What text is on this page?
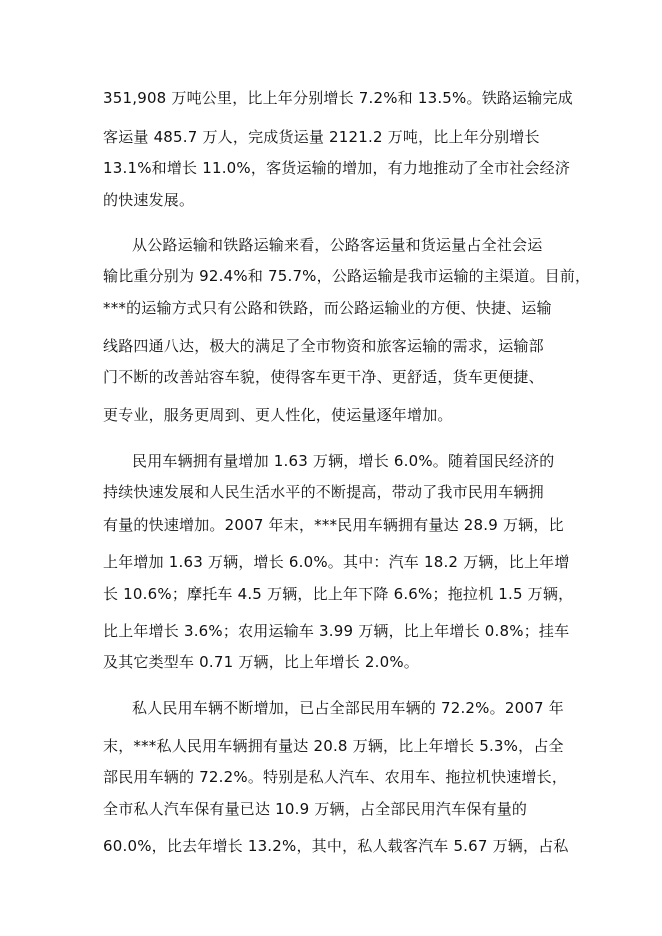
351,908 万吨公里，比上年分别增长 7.2%和 13.5%。铁路运输完成
客运量 485.7 万人，完成货运量 2121.2 万吨，比上年分别增长
13.1%和增长 11.0%，客货运输的增加，有力地推动了全市社会经济
的快速发展。
从公路运输和铁路运输来看，公路客运量和货运量占全社会运
输比重分别为 92.4%和 75.7%，公路运输是我市运输的主渠道。目前，
***的运输方式只有公路和铁路，而公路运输业的方便、快捷、运输
线路四通八达，极大的满足了全市物资和旅客运输的需求，运输部
门不断的改善站容车貌，使得客车更干净、更舒适，货车更便捷、
更专业，服务更周到、更人性化，使运量逐年增加。
民用车辆拥有量增加 1.63 万辆，增长 6.0%。随着国民经济的
持续快速发展和人民生活水平的不断提高，带动了我市民用车辆拥
有量的快速增加。2007 年末，***民用车辆拥有量达 28.9 万辆，比
上年增加 1.63 万辆，增长 6.0%。其中：汽车 18.2 万辆，比上年增
长 10.6%；摩托车 4.5 万辆，比上年下降 6.6%；拖拉机 1.5 万辆，
比上年增长 3.6%；农用运输车 3.99 万辆，比上年增长 0.8%；挂车
及其它类型车 0.71 万辆，比上年增长 2.0%。
私人民用车辆不断增加，已占全部民用车辆的 72.2%。2007 年
末，***私人民用车辆拥有量达 20.8 万辆，比上年增长 5.3%，占全
部民用车辆的 72.2%。特别是私人汽车、农用车、拖拉机快速增长，
全市私人汽车保有量已达 10.9 万辆，占全部民用汽车保有量的
60.0%，比去年增长 13.2%，其中，私人载客汽车 5.67 万辆，占私
